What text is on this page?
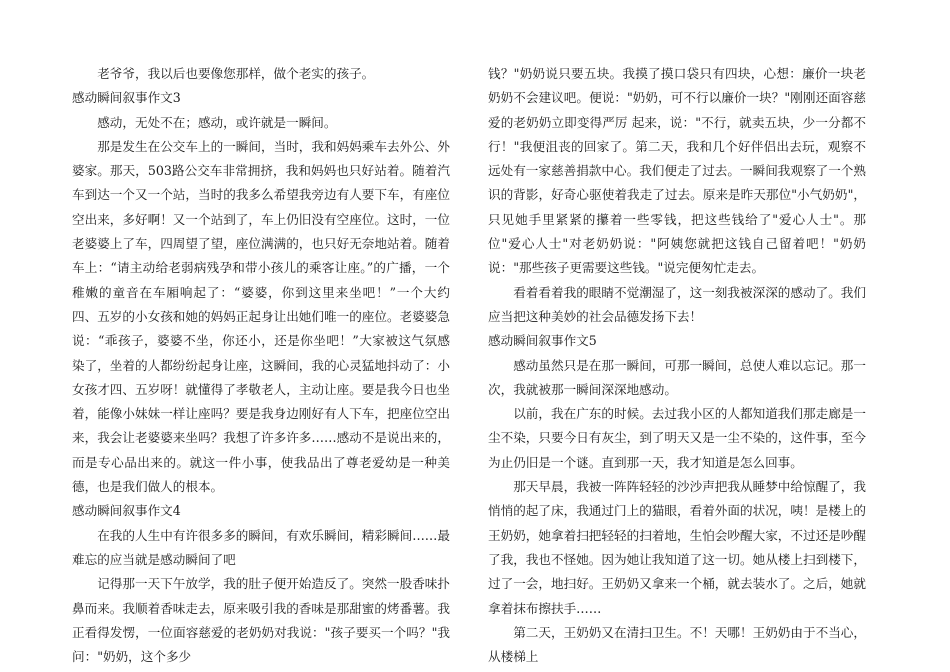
老爷爷，我以后也要像您那样，做个老实的孩子。

感动瞬间叙事作文3

感动，无处不在；感动，或许就是一瞬间。

那是发生在公交车上的一瞬间，当时，我和妈妈乘车去外公、外婆家。那天，503路公交车非常拥挤，我和妈妈也只好站着。随着汽车到达一个又一个站，当时的我多么希望我旁边有人要下车，有座位空出来，多好啊！又一个站到了，车上仍旧没有空座位。这时，一位老婆婆上了车，四周望了望，座位满满的，也只好无奈地站着。随着车上：“请主动给老弱病残孕和带小孩儿的乘客让座。”的广播，一个稚嫩的童音在车厢响起了：“婆婆，你到这里来坐吧！”一个大约四、五岁的小女孩和她的妈妈正起身让出她们唯一的座位。老婆婆急说：“乖孩子，婆婆不坐，你还小，还是你坐吧！”大家被这气氛感染了，坐着的人都纷纷起身让座，这瞬间，我的心灵猛地抖动了：小女孩才四、五岁呀！就懂得了孝敬老人，主动让座。要是我今日也坐着，能像小妹妹一样让座吗？要是我身边刚好有人下车，把座位空出来，我会让老婆婆来坐吗？我想了许多许多……感动不是说出来的，而是专心品出来的。就这一件小事，使我品出了尊老爱幼是一种美德，也是我们做人的根本。

感动瞬间叙事作文4

在我的人生中有许很多多的瞬间，有欢乐瞬间，精彩瞬间……最难忘的应当就是感动瞬间了吧

记得那一天下午放学，我的肚子便开始造反了。突然一股香味扑鼻而来。我顺着香味走去，原来吸引我的香味是那甜蜜的烤番薯。我正看得发愣，一位面容慈爱的老奶奶对我说："孩子要买一个吗？"我问："奶奶，这个多少

钱？"奶奶说只要五块。我摸了摸口袋只有四块，心想：廉价一块老奶奶不会建议吧。便说："奶奶，可不行以廉价一块？"刚刚还面容慈爱的老奶奶立即变得严厉 起来，说："不行，就卖五块，少一分都不行！"我便沮丧的回家了。第二天，我和几个好伴侣出去玩，观察不远处有一家慈善捐款中心。我们便走了过去。一瞬间我观察了一个熟识的背影，好奇心驱使着我走了过去。原来是昨天那位"小气奶奶"，只见她手里紧紧的攥着一些零钱，把这些钱给了"爱心人士"。那位"爱心人士"对老奶奶说："阿姨您就把这钱自己留着吧！"奶奶说："那些孩子更需要这些钱。"说完便匆忙走去。

看着看着我的眼睛不觉潮湿了，这一刻我被深深的感动了。我们应当把这种美妙的社会品德发扬下去！

感动瞬间叙事作文5

感动虽然只是在那一瞬间，可那一瞬间，总使人难以忘记。那一次，我就被那一瞬间深深地感动。

以前，我在广东的时候。去过我小区的人都知道我们那走廊是一尘不染，只要今日有灰尘，到了明天又是一尘不染的，这件事，至今为止仍旧是一个谜。直到那一天，我才知道是怎么回事。

那天早晨，我被一阵阵轻轻的沙沙声把我从睡梦中给惊醒了，我悄悄的起了床，我通过门上的猫眼，看着外面的状况，咦！是楼上的王奶奶，她拿着扫把轻轻的扫着地，生怕会吵醒大家，不过还是吵醒了我，我也不怪她。因为她让我知道了这一切。她从楼上扫到楼下，过了一会，地扫好。王奶奶又拿来一个桶，就去装水了。之后，她就拿着抹布擦扶手……

第二天，王奶奶又在清扫卫生。不！天哪！王奶奶由于不当心，从楼梯上
